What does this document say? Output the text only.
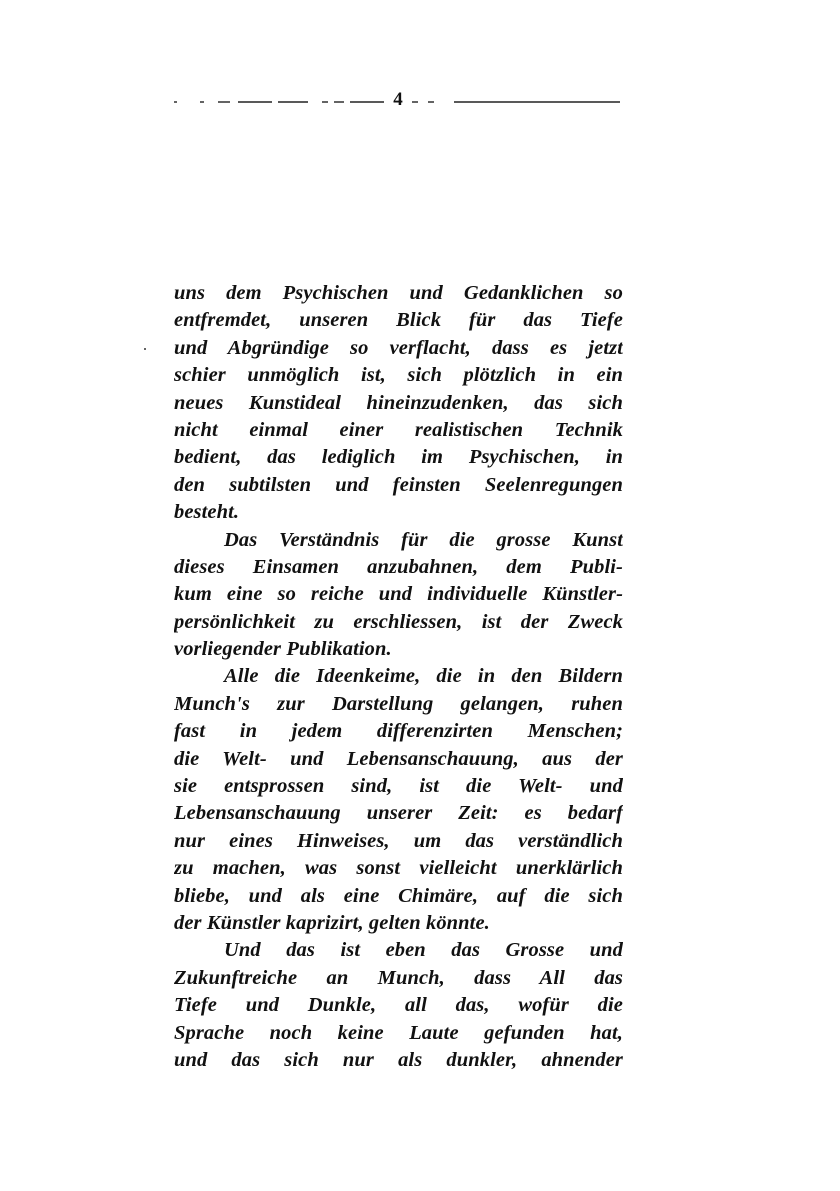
4
uns dem Psychischen und Gedanklichen so
entfremdet, unseren Blick für das Tiefe
und Abgründige so verflacht, dass es jetzt
schier unmöglich ist, sich plötzlich in ein
neues Kunstideal hineinzudenken, das sich
nicht einmal einer realistischen Technik
bedient, das lediglich im Psychischen, in
den subtilsten und feinsten Seelenregungen
besteht.
Das Verständnis für die grosse Kunst
dieses Einsamen anzubahnen, dem Publi-
kum eine so reiche und individuelle Künstler-
persönlichkeit zu erschliessen, ist der Zweck
vorliegender Publikation.
Alle die Ideenkeime, die in den Bildern
Munch's zur Darstellung gelangen, ruhen
fast in jedem differenzirten Menschen;
die Welt- und Lebensanschauung, aus der
sie entsprossen sind, ist die Welt- und
Lebensanschauung unserer Zeit: es bedarf
nur eines Hinweises, um das verständlich
zu machen, was sonst vielleicht unerklärlich
bliebe, und als eine Chimäre, auf die sich
der Künstler kaprizirt, gelten könnte.
Und das ist eben das Grosse und
Zukunftreiche an Munch, dass All das
Tiefe und Dunkle, all das, wofür die
Sprache noch keine Laute gefunden hat,
und das sich nur als dunkler, ahnender
